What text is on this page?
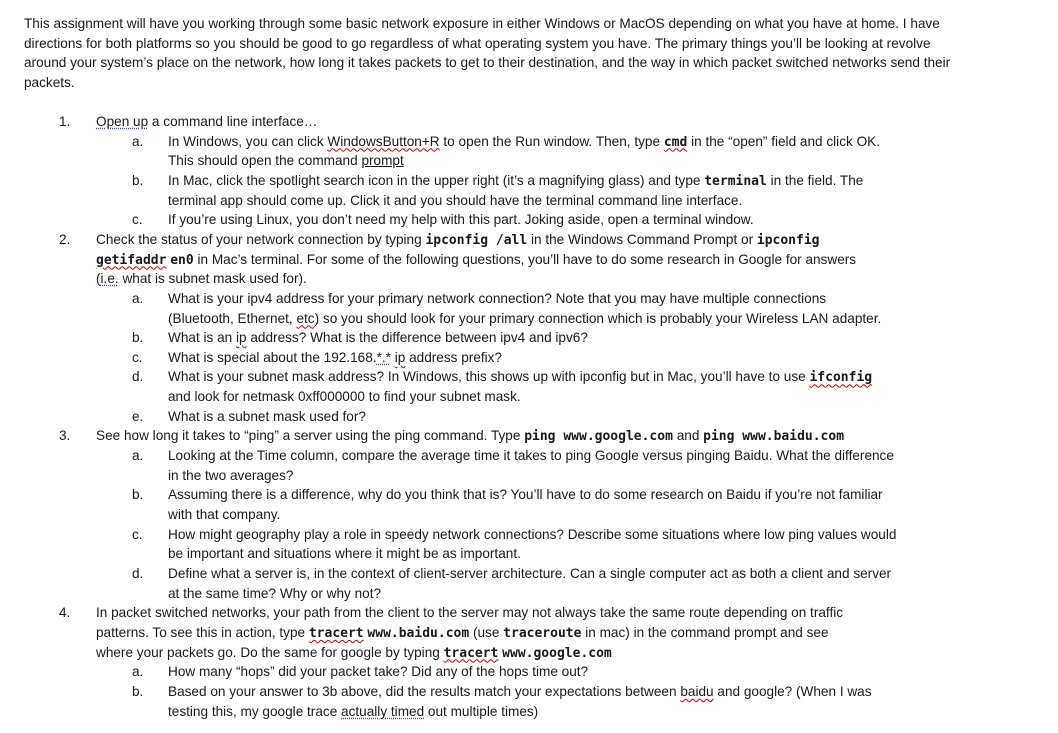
This assignment will have you working through some basic network exposure in either Windows or MacOS depending on what you have at home. I have directions for both platforms so you should be good to go regardless of what operating system you have. The primary things you’ll be looking at revolve around your system’s place on the network, how long it takes packets to get to their destination, and the way in which packet switched networks send their packets.

1. Open up a command line interface…
a. In Windows, you can click WindowsButton+R to open the Run window. Then, type cmd in the “open” field and click OK.
This should open the command prompt
b. In Mac, click the spotlight search icon in the upper right (it’s a magnifying glass) and type terminal in the field. The
terminal app should come up. Click it and you should have the terminal command line interface.
c. If you’re using Linux, you don’t need my help with this part. Joking aside, open a terminal window.
2. Check the status of your network connection by typing ipconfig /all in the Windows Command Prompt or ipconfig
getifaddr en0 in Mac’s terminal. For some of the following questions, you’ll have to do some research in Google for answers
(i.e. what is subnet mask used for).
a. What is your ipv4 address for your primary network connection? Note that you may have multiple connections
(Bluetooth, Ethernet, etc) so you should look for your primary connection which is probably your Wireless LAN adapter.
b. What is an ip address? What is the difference between ipv4 and ipv6?
c. What is special about the 192.168.*.* ip address prefix?
d. What is your subnet mask address? In Windows, this shows up with ipconfig but in Mac, you’ll have to use ifconfig
and look for netmask 0xff000000 to find your subnet mask.
e. What is a subnet mask used for?
3. See how long it takes to “ping” a server using the ping command. Type ping www.google.com and ping www.baidu.com
a. Looking at the Time column, compare the average time it takes to ping Google versus pinging Baidu. What the difference
in the two averages?
b. Assuming there is a difference, why do you think that is? You’ll have to do some research on Baidu if you’re not familiar
with that company.
c. How might geography play a role in speedy network connections? Describe some situations where low ping values would
be important and situations where it might be as important.
d. Define what a server is, in the context of client-server architecture. Can a single computer act as both a client and server
at the same time? Why or why not?
4. In packet switched networks, your path from the client to the server may not always take the same route depending on traffic
patterns. To see this in action, type tracert www.baidu.com (use traceroute in mac) in the command prompt and see
where your packets go. Do the same for google by typing tracert www.google.com
a. How many “hops” did your packet take? Did any of the hops time out?
b. Based on your answer to 3b above, did the results match your expectations between baidu and google? (When I was
testing this, my google trace actually timed out multiple times)
